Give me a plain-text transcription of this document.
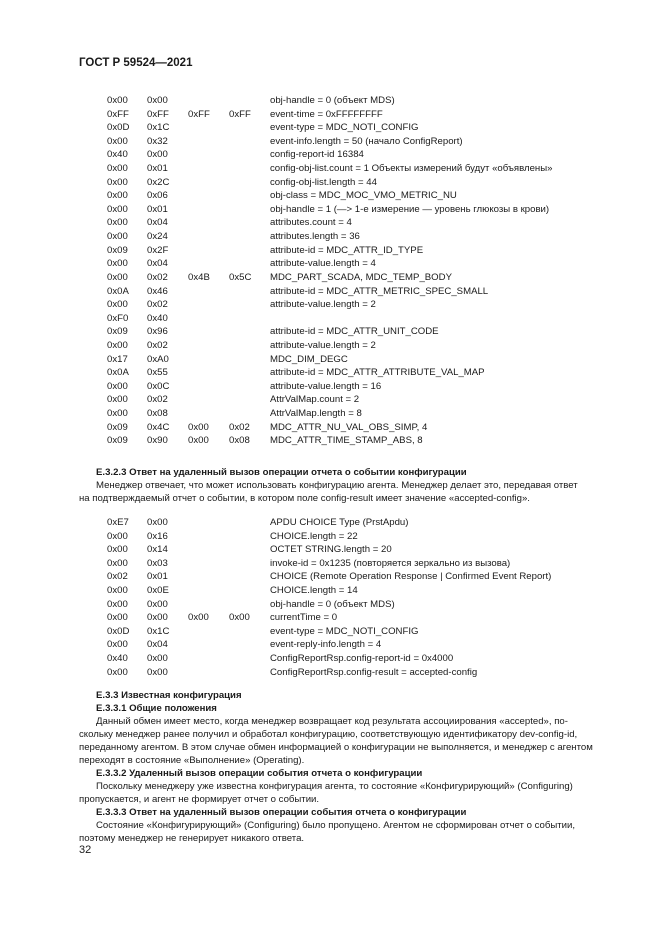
ГОСТ Р 59524—2021
0x00 0x00	obj-handle = 0 (объект MDS)
0xFF 0xFF 0xFF 0xFF event-time = 0xFFFFFFFF
0x0D 0x1C	event-type = MDC_NOTI_CONFIG
0x00 0x32	event-info.length = 50 (начало ConfigReport)
0x40 0x00	config-report-id 16384
0x00 0x01	config-obj-list.count = 1 Объекты измерений будут «объявлены»
0x00 0x2C	config-obj-list.length = 44
0x00 0x06	obj-class = MDC_MOC_VMO_METRIC_NU
0x00 0x01	obj-handle = 1 (—> 1-е измерение — уровень глюкозы в крови)
0x00 0x04	attributes.count = 4
0x00 0x24	attributes.length = 36
0x09 0x2F	attribute-id = MDC_ATTR_ID_TYPE
0x00 0x04	attribute-value.length = 4
0x00 0x02 0x4B 0x5C MDC_PART_SCADA, MDC_TEMP_BODY
0x0A 0x46	attribute-id = MDC_ATTR_METRIC_SPEC_SMALL
0x00 0x02	attribute-value.length = 2
0xF0 0x40
0x09 0x96	attribute-id = MDC_ATTR_UNIT_CODE
0x00 0x02	attribute-value.length = 2
0x17 0xA0	MDC_DIM_DEGC
0x0A 0x55	attribute-id = MDC_ATTR_ATTRIBUTE_VAL_MAP
0x00 0x0C	attribute-value.length = 16
0x00 0x02	AttrValMap.count = 2
0x00 0x08	AttrValMap.length = 8
0x09 0x4C 0x00 0x02 MDC_ATTR_NU_VAL_OBS_SIMP, 4
0x09 0x90 0x00 0x08 MDC_ATTR_TIME_STAMP_ABS, 8
Е.3.2.3 Ответ на удаленный вызов операции отчета о событии конфигурации
Менеджер отвечает, что может использовать конфигурацию агента. Менеджер делает это, передавая ответ
на подтверждаемый отчет о событии, в котором поле config-result имеет значение «accepted-config».
0xE7 0x00	APDU CHOICE Type (PrstApdu)
0x00 0x16	CHOICE.length = 22
0x00 0x14	OCTET STRING.length = 20
0x00 0x03	invoke-id = 0x1235 (повторяется зеркально из вызова)
0x02 0x01	CHOICE (Remote Operation Response | Confirmed Event Report)
0x00 0x0E	CHOICE.length = 14
0x00 0x00	obj-handle = 0 (объект MDS)
0x00 0x00 0x00 0x00 currentTime = 0
0x0D 0x1C	event-type = MDC_NOTI_CONFIG
0x00 0x04	event-reply-info.length = 4
0x40 0x00	ConfigReportRsp.config-report-id = 0x4000
0x00 0x00	ConfigReportRsp.config-result = accepted-config
Е.3.3 Известная конфигурация
Е.3.3.1 Общие положения
Данный обмен имеет место, когда менеджер возвращает код результата ассоциирования «accepted», по-
скольку менеджер ранее получил и обработал конфигурацию, соответствующую идентификатору dev-config-id,
переданному агентом. В этом случае обмен информацией о конфигурации не выполняется, и менеджер с агентом
переходят в состояние «Выполнение» (Operating).
Е.3.3.2 Удаленный вызов операции события отчета о конфигурации
Поскольку менеджеру уже известна конфигурация агента, то состояние «Конфигурирующий» (Configuring)
пропускается, и агент не формирует отчет о событии.
Е.3.3.3 Ответ на удаленный вызов операции события отчета о конфигурации
Состояние «Конфигурирующий» (Configuring) было пропущено. Агентом не сформирован отчет о событии,
поэтому менеджер не генерирует никакого ответа.
32
